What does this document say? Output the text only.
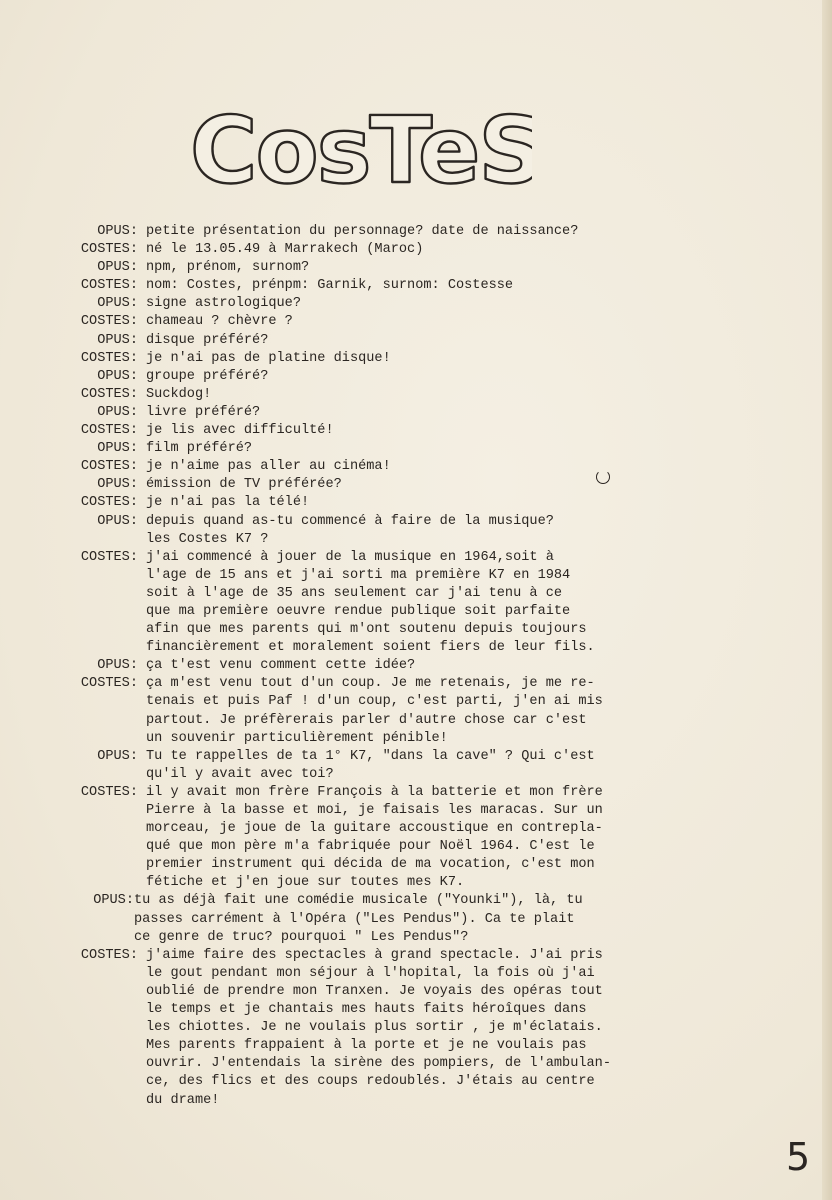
CosTeS
OPUS: petite présentation du personnage? date de naissance?
COSTES: né le 13.05.49 à Marrakech (Maroc)
OPUS: npm, prénom, surnom?
COSTES: nom: Costes, prénpm: Garnik, surnom: Costesse
OPUS: signe astrologique?
COSTES: chameau ? chèvre ?
OPUS: disque préféré?
COSTES: je n'ai pas de platine disque!
OPUS: groupe préféré?
COSTES: Suckdog!
OPUS: livre préféré?
COSTES: je lis avec difficulté!
OPUS: film préféré?
COSTES: je n'aime pas aller au cinéma!
OPUS: émission de TV préférée?
COSTES: je n'ai pas la télé!
OPUS: depuis quand as-tu commencé à faire de la musique?
les Costes K7 ?
COSTES: j'ai commencé à jouer de la musique en 1964,soit à
l'age de 15 ans et j'ai sorti ma première K7 en 1984
soit à l'age de 35 ans seulement car j'ai tenu à ce
que ma première oeuvre rendue publique soit parfaite
afin que mes parents qui m'ont soutenu depuis toujours
financièrement et moralement soient fiers de leur fils.
OPUS: ça t'est venu comment cette idée?
COSTES: ça m'est venu tout d'un coup. Je me retenais, je me re-
tenais et puis Paf ! d'un coup, c'est parti, j'en ai mis
partout. Je préfèrerais parler d'autre chose car c'est
un souvenir particulièrement pénible!
OPUS: Tu te rappelles de ta 1° K7, "dans la cave" ? Qui c'est
qu'il y avait avec toi?
COSTES: il y avait mon frère François à la batterie et mon frère
Pierre à la basse et moi, je faisais les maracas. Sur un
morceau, je joue de la guitare accoustique en contrepla-
qué que mon père m'a fabriquée pour Noël 1964. C'est le
premier instrument qui décida de ma vocation, c'est mon
fétiche et j'en joue sur toutes mes K7.
OPUS: tu as déjà fait une comédie musicale ("Younki"), là, tu
passes carrément à l'Opéra ("Les Pendus"). Ca te plait
ce genre de truc? pourquoi " Les Pendus"?
COSTES: j'aime faire des spectacles à grand spectacle. J'ai pris
le gout pendant mon séjour à l'hopital, la fois où j'ai
oublié de prendre mon Tranxen. Je voyais des opéras tout
le temps et je chantais mes hauts faits héroîques dans
les chiottes. Je ne voulais plus sortir , je m'éclatais.
Mes parents frappaient à la porte et je ne voulais pas
ouvrir. J'entendais la sirène des pompiers, de l'ambulan-
ce, des flics et des coups redoublés. J'étais au centre
du drame!
5
